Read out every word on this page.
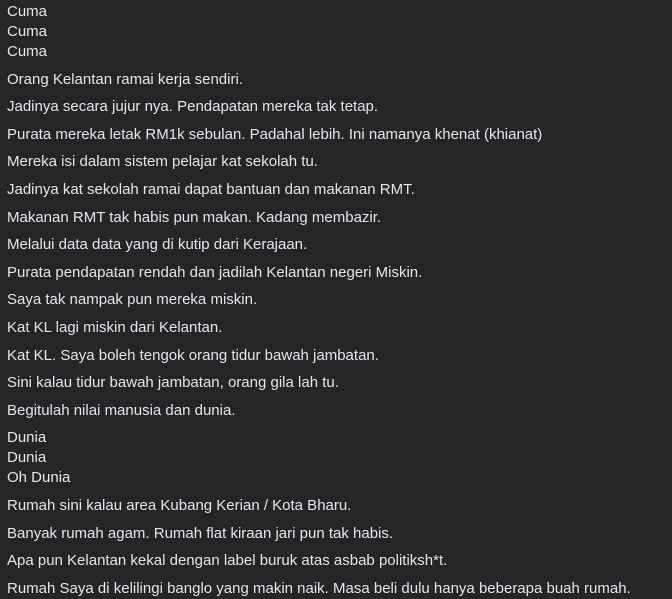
Cuma
Cuma
Cuma
Orang Kelantan ramai kerja sendiri.
Jadinya secara jujur nya. Pendapatan mereka tak tetap.
Purata mereka letak RM1k sebulan. Padahal lebih. Ini namanya khenat (khianat)
Mereka isi dalam sistem pelajar kat sekolah tu.
Jadinya kat sekolah ramai dapat bantuan dan makanan RMT.
Makanan RMT tak habis pun makan. Kadang membazir.
Melalui data data yang di kutip dari Kerajaan.
Purata pendapatan rendah dan jadilah Kelantan negeri Miskin.
Saya tak nampak pun mereka miskin.
Kat KL lagi miskin dari Kelantan.
Kat KL. Saya boleh tengok orang tidur bawah jambatan.
Sini kalau tidur bawah jambatan, orang gila lah tu.
Begitulah nilai manusia dan dunia.
Dunia
Dunia
Oh Dunia
Rumah sini kalau area Kubang Kerian / Kota Bharu.
Banyak rumah agam. Rumah flat kiraan jari pun tak habis.
Apa pun Kelantan kekal dengan label buruk atas asbab politiksh*t.
Rumah Saya di kelilingi banglo yang makin naik. Masa beli dulu hanya beberapa buah rumah.
